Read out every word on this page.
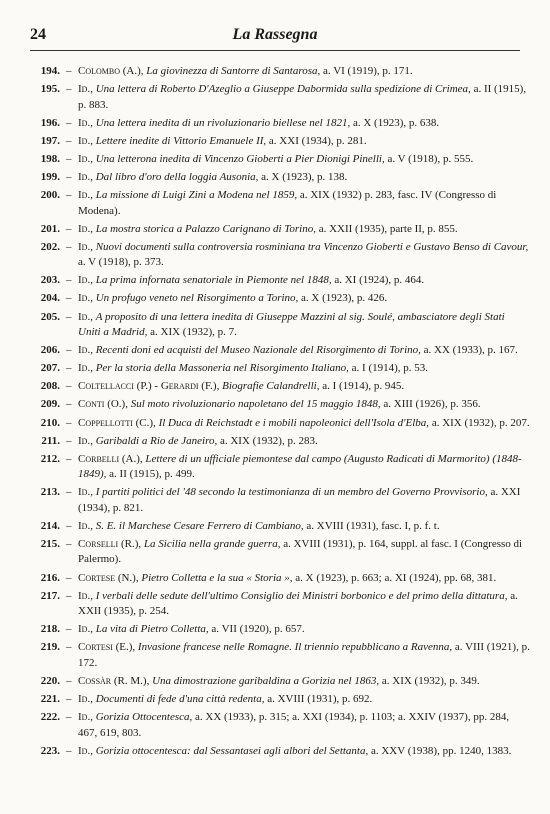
24	La Rassegna
194. – Colombo (A.), La giovinezza di Santorre di Santarosa, a. VI (1919), p. 171.
195. – Id., Una lettera di Roberto D'Azeglio a Giuseppe Dabormida sulla spedizione di Crimea, a. II (1915), p. 883.
196. – Id., Una lettera inedita di un rivoluzionario biellese nel 1821, a. X (1923), p. 638.
197. – Id., Lettere inedite di Vittorio Emanuele II, a. XXI (1934), p. 281.
198. – Id., Una letterona inedita di Vincenzo Gioberti a Pier Dionigi Pinelli, a. V (1918), p. 555.
199. – Id., Dal libro d'oro della loggia Ausonia, a. X (1923), p. 138.
200. – Id., La missione di Luigi Zini a Modena nel 1859, a. XIX (1932) p. 283, fasc. IV (Congresso di Modena).
201. – Id., La mostra storica a Palazzo Carignano di Torino, a. XXII (1935), parte II, p. 855.
202. – Id., Nuovi documenti sulla controversia rosminiana tra Vincenzo Gioberti e Gustavo Benso di Cavour, a. V (1918), p. 373.
203. – Id., La prima infornata senatoriale in Piemonte nel 1848, a. XI (1924), p. 464.
204. – Id., Un profugo veneto nel Risorgimento a Torino, a. X (1923), p. 426.
205. – Id., A proposito di una lettera inedita di Giuseppe Mazzini al sig. Soulé, ambasciatore degli Stati Uniti a Madrid, a. XIX (1932), p. 7.
206. – Id., Recenti doni ed acquisti del Museo Nazionale del Risorgimento di Torino, a. XX (1933), p. 167.
207. – Id., Per la storia della Massoneria nel Risorgimento Italiano, a. I (1914), p. 53.
208. – Coltellacci (P.) - Gerardi (F.), Biografie Calandrelli, a. I (1914), p. 945.
209. – Conti (O.), Sul moto rivoluzionario napoletano del 15 maggio 1848, a. XIII (1926), p. 356.
210. – Coppellotti (C.), Il Duca di Reichstadt e i mobili napoleonici dell'Isola d'Elba, a. XIX (1932), p. 207.
211. – Id., Garibaldi a Rio de Janeiro, a. XIX (1932), p. 283.
212. – Corbelli (A.), Lettere di un ufficiale piemontese dal campo (Augusto Radicati di Marmorito) (1848-1849), a. II (1915), p. 499.
213. – Id., I partiti politici del '48 secondo la testimonianza di un membro del Governo Provvisorio, a. XXI (1934), p. 821.
214. – Id., S. E. il Marchese Cesare Ferrero di Cambiano, a. XVIII (1931), fasc. I, p. f. t.
215. – Corselli (R.), La Sicilia nella grande guerra, a. XVIII (1931), p. 164, suppl. al fasc. I (Congresso di Palermo).
216. – Cortese (N.), Pietro Colletta e la sua « Storia », a. X (1923), p. 663; a. XI (1924), pp. 68, 381.
217. – Id., I verbali delle sedute dell'ultimo Consiglio dei Ministri borbonico e del primo della dittatura, a. XXII (1935), p. 254.
218. – Id., La vita di Pietro Colletta, a. VII (1920), p. 657.
219. – Cortesi (E.), Invasione francese nelle Romagne. Il triennio repubblicano a Ravenna, a. VIII (1921), p. 172.
220. – Cossàr (R. M.), Una dimostrazione garibaldina a Gorizia nel 1863, a. XIX (1932), p. 349.
221. – Id., Documenti di fede d'una città redenta, a. XVIII (1931), p. 692.
222. – Id., Gorizia Ottocentesca, a. XX (1933), p. 315; a. XXI (1934), p. 1103; a. XXIV (1937), pp. 284, 467, 619, 803.
223. – Id., Gorizia ottocentesca: dal Sessantasei agli albori del Settanta, a. XXV (1938), pp. 1240, 1383.
